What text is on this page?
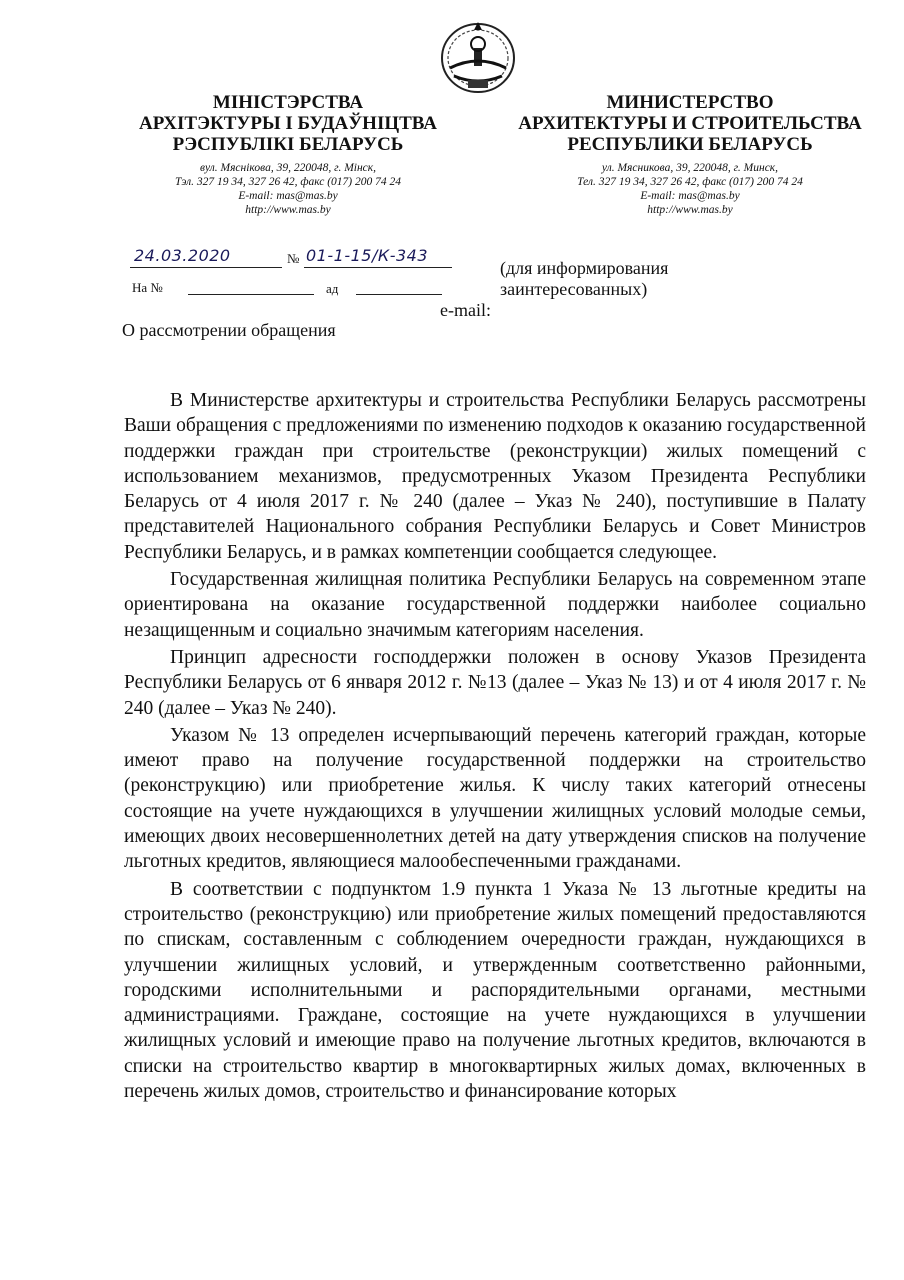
МІНІСТЭРСТВА
АРХІТЭКТУРЫ І БУДАЎНІЦТВА
РЭСПУБЛІКІ БЕЛАРУСЬ
вул. Мясніковa, 39, 220048, г. Мінск,
Тэл. 327 19 34, 327 26 42, факс (017) 200 74 24
E-mail: mas@mas.by
http://www.mas.by
МИНИСТЕРСТВО
АРХИТЕКТУРЫ И СТРОИТЕЛЬСТВА
РЕСПУБЛИКИ БЕЛАРУСЬ
ул. Мясникова, 39, 220048, г. Минск,
Тел. 327 19 34, 327 26 42, факс (017) 200 74 24
E-mail: mas@mas.by
http://www.mas.by
24.03.2020	№ 01-1-15/К-343
На №	ад
(для информирования
заинтересованных)
e-mail:
О рассмотрении обращения

В Министерстве архитектуры и строительства Республики Беларусь рассмотрены Ваши обращения с предложениями по изменению подходов к оказанию государственной поддержки граждан при строительстве (реконструкции) жилых помещений с использованием механизмов, предусмотренных Указом Президента Республики Беларусь от 4 июля 2017 г. № 240 (далее – Указ № 240), поступившие в Палату представителей Национального собрания Республики Беларусь и Совет Министров Республики Беларусь, и в рамках компетенции сообщается следующее.

Государственная жилищная политика Республики Беларусь на современном этапе ориентирована на оказание государственной поддержки наиболее социально незащищенным и социально значимым категориям населения.

Принцип адресности господдержки положен в основу Указов Президента Республики Беларусь от 6 января 2012 г. №13 (далее – Указ № 13) и от 4 июля 2017 г. № 240 (далее – Указ № 240).

Указом № 13 определен исчерпывающий перечень категорий граждан, которые имеют право на получение государственной поддержки на строительство (реконструкцию) или приобретение жилья. К числу таких категорий отнесены состоящие на учете нуждающихся в улучшении жилищных условий молодые семьи, имеющих двоих несовершеннолетних детей на дату утверждения списков на получение льготных кредитов, являющиеся малообеспеченными гражданами.

В соответствии с подпунктом 1.9 пункта 1 Указа № 13 льготные кредиты на строительство (реконструкцию) или приобретение жилых помещений предоставляются по спискам, составленным с соблюдением очередности граждан, нуждающихся в улучшении жилищных условий, и утвержденным соответственно районными, городскими исполнительными и распорядительными органами, местными администрациями. Граждане, состоящие на учете нуждающихся в улучшении жилищных условий и имеющие право на получение льготных кредитов, включаются в списки на строительство квартир в многоквартирных жилых домах, включенных в перечень жилых домов, строительство и финансирование которых
